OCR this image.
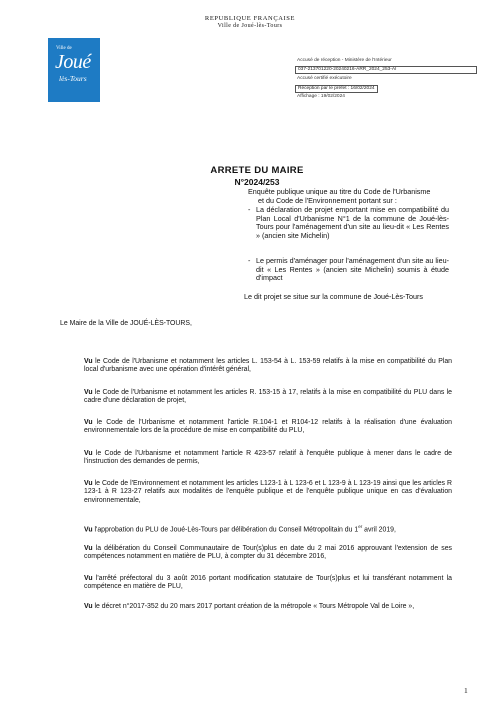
REPUBLIQUE FRANÇAISE
Ville de Joué-lès-Tours
Ville de
Joué
lès-Tours
Accusé de réception - Ministère de l'Intérieur
037-213701220-20240216-ARR_2024_253-AI
Accusé certifié exécutoire
Réception par le préfet : 16/02/2024
Affichage : 19/02/2024
ARRETE DU MAIRE
N°2024/253
Enquête publique unique au titre du Code de l'Urbanisme
et du Code de l'Environnement portant sur :
- La déclaration de projet emportant mise en compatibilité du Plan Local d'Urbanisme N°1 de la commune de Joué-lès-Tours pour l'aménagement d'un site au lieu-dit « Les Rentes » (ancien site Michelin)
- Le permis d'aménager pour l'aménagement d'un site au lieu-dit « Les Rentes » (ancien site Michelin) soumis à étude d'impact
Le dit projet se situe sur la commune de Joué-Lès-Tours
Le Maire de la Ville de JOUÉ-LÈS-TOURS,
Vu le Code de l'Urbanisme et notamment les articles L. 153-54 à L. 153-59 relatifs à la mise en compatibilité du Plan local d'urbanisme avec une opération d'intérêt général,
Vu le Code de l'Urbanisme et notamment les articles R. 153-15 à 17, relatifs à la mise en compatibilité du PLU dans le cadre d'une déclaration de projet,
Vu le Code de l'Urbanisme et notamment l'article R.104-1 et R104-12 relatifs à la réalisation d'une évaluation environnementale lors de la procédure de mise en compatibilité du PLU,
Vu le Code de l'Urbanisme et notamment l'article R 423-57 relatif à l'enquête publique à mener dans le cadre de l'instruction des demandes de permis,
Vu le Code de l'Environnement et notamment les articles L123-1 à L 123-6 et L 123-9 à L 123-19 ainsi que les articles R 123-1 à R 123-27 relatifs aux modalités de l'enquête publique et de l'enquête publique unique en cas d'évaluation environnementale,
Vu l'approbation du PLU de Joué-Lès-Tours par délibération du Conseil Métropolitain du 1er avril 2019,
Vu la délibération du Conseil Communautaire de Tour(s)plus en date du 2 mai 2016 approuvant l'extension de ses compétences notamment en matière de PLU, à compter du 31 décembre 2016,
Vu l'arrêté préfectoral du 3 août 2016 portant modification statutaire de Tour(s)plus et lui transférant notamment la compétence en matière de PLU,
Vu le décret n°2017-352 du 20 mars 2017 portant création de la métropole « Tours Métropole Val de Loire »,
1
